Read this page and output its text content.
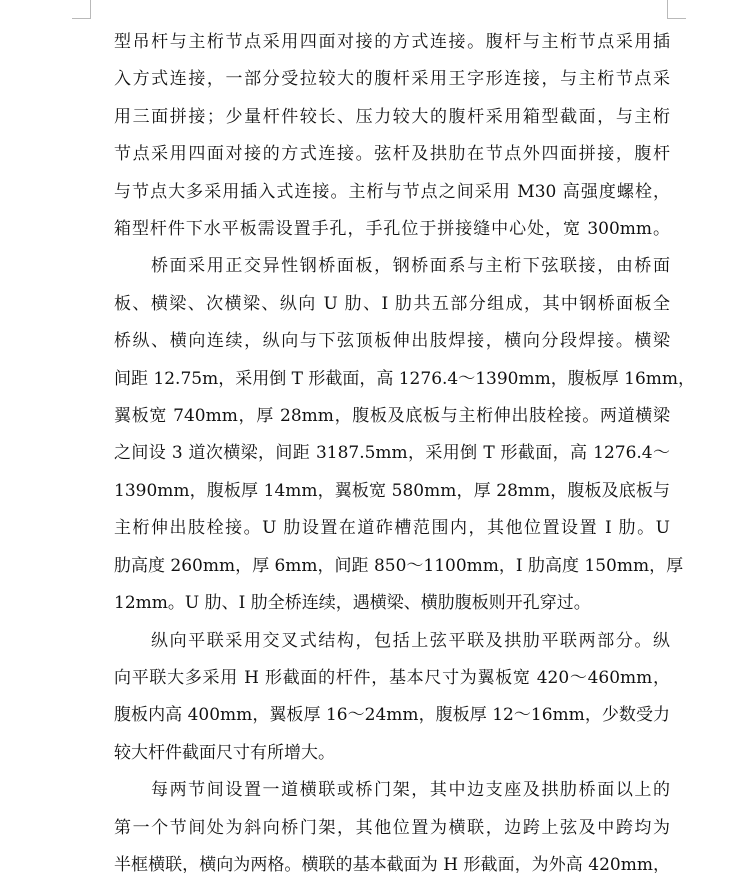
型吊杆与主桁节点采用四面对接的方式连接。腹杆与主桁节点采用插
入方式连接，一部分受拉较大的腹杆采用王字形连接，与主桁节点采
用三面拼接；少量杆件较长、压力较大的腹杆采用箱型截面，与主桁
节点采用四面对接的方式连接。弦杆及拱肋在节点外四面拼接，腹杆
与节点大多采用插入式连接。主桁与节点之间采用 M30 高强度螺栓，
箱型杆件下水平板需设置手孔，手孔位于拼接缝中心处，宽 300mm。
桥面采用正交异性钢桥面板，钢桥面系与主桁下弦联接，由桥面
板、横梁、次横梁、纵向 U 肋、I 肋共五部分组成，其中钢桥面板全
桥纵、横向连续，纵向与下弦顶板伸出肢焊接，横向分段焊接。横梁
间距 12.75m，采用倒 T 形截面，高 1276.4～1390mm，腹板厚 16mm，
翼板宽 740mm，厚 28mm，腹板及底板与主桁伸出肢栓接。两道横梁
之间设 3 道次横梁，间距 3187.5mm，采用倒 T 形截面，高 1276.4～
1390mm，腹板厚 14mm，翼板宽 580mm，厚 28mm，腹板及底板与
主桁伸出肢栓接。U 肋设置在道砟槽范围内，其他位置设置 I 肋。U
肋高度 260mm，厚 6mm，间距 850～1100mm，I 肋高度 150mm，厚
12mm。U 肋、I 肋全桥连续，遇横梁、横肋腹板则开孔穿过。
纵向平联采用交叉式结构，包括上弦平联及拱肋平联两部分。纵
向平联大多采用 H 形截面的杆件，基本尺寸为翼板宽 420～460mm，
腹板内高 400mm，翼板厚 16～24mm，腹板厚 12～16mm，少数受力
较大杆件截面尺寸有所增大。
每两节间设置一道横联或桥门架，其中边支座及拱肋桥面以上的
第一个节间处为斜向桥门架，其他位置为横联，边跨上弦及中跨均为
半框横联，横向为两格。横联的基本截面为 H 形截面，为外高 420mm，
